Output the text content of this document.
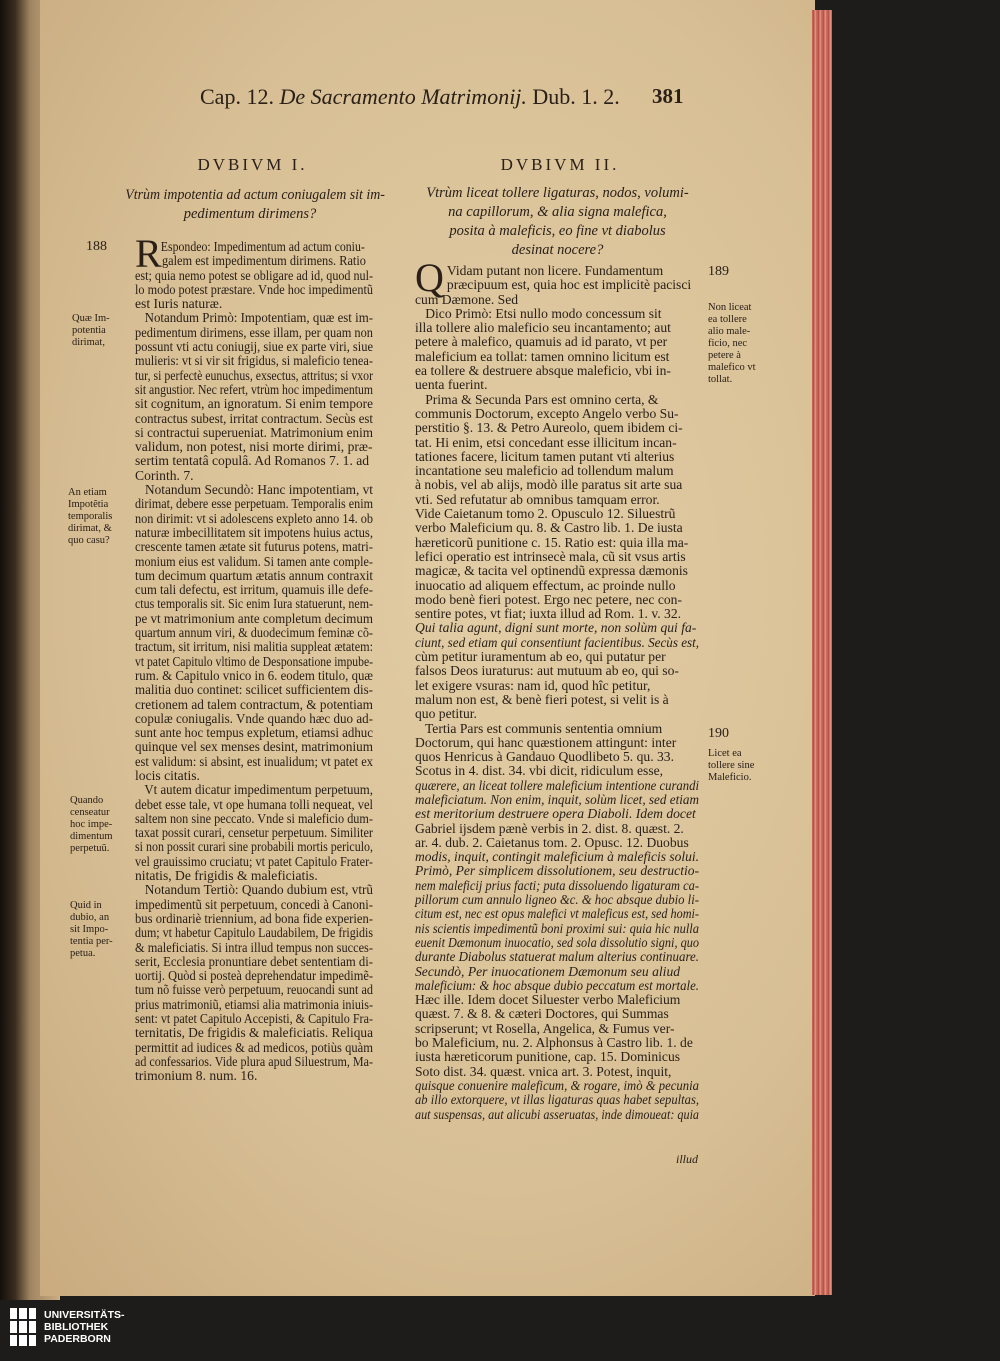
Cap. 12. De Sacramento Matrimonij. Dub. 1. 2. 381
DVBIVM I.
Vtrùm impotentia ad actum coniugalem sit im-
pedimentum dirimens?
R Espondeo: Impedimentum ad actum coniu-
galem est impedimentum dirimens. Ratio
est; quia nemo potest se obligare ad id, quod nul-
lo modo potest præstare. Vnde hoc impedimentũ
est Iuris naturæ.
Notandum Primò: Impotentiam, quæ est im-
pedimentum dirimens, esse illam, per quam non
possunt vti actu coniugij, siue ex parte viri, siue
mulieris: vt si vir sit frigidus, si maleficio tenea-
tur, si perfectè eunuchus, exsectus, attritus; si vxor
sit angustior. Nec refert, vtrùm hoc impedimentum
sit cognitum, an ignoratum. Si enim tempore
contractus subest, irritat contractum. Secùs est
si contractui superueniat. Matrimonium enim
validum, non potest, nisi morte dirimi, præ-
sertim tentatâ copulâ. Ad Romanos 7. 1. ad
Corinth. 7.
Notandum Secundò: Hanc impotentiam, vt
dirimat, debere esse perpetuam. Temporalis enim
non dirimit: vt si adolescens expleto anno 14. ob
naturæ imbecillitatem sit impotens huius actus,
crescente tamen ætate sit futurus potens, matri-
monium eius est validum. Si tamen ante comple-
tum decimum quartum ætatis annum contraxit
cum tali defectu, est irritum, quamuis ille defe-
ctus temporalis sit. Sic enim Iura statuerunt, nem-
pe vt matrimonium ante completum decimum
quartum annum viri, & duodecimum feminæ cõ-
tractum, sit irritum, nisi malitia suppleat ætatem:
vt patet Capitulo vltimo de Desponsatione impube-
rum. & Capitulo vnico in 6. eodem titulo, quæ
malitia duo continet: scilicet sufficientem dis-
cretionem ad talem contractum, & potentiam
copulæ coniugalis. Vnde quando hæc duo ad-
sunt ante hoc tempus expletum, etiamsi adhuc
quinque vel sex menses desint, matrimonium
est validum: si absint, est inualidum; vt patet ex
locis citatis.
Vt autem dicatur impedimentum perpetuum,
debet esse tale, vt ope humana tolli nequeat, vel
saltem non sine peccato. Vnde si maleficio dum-
taxat possit curari, censetur perpetuum. Similiter
si non possit curari sine probabili mortis periculo,
vel grauissimo cruciatu; vt patet Capitulo Frater-
nitatis, De frigidis & maleficiatis.
Notandum Tertiò: Quando dubium est, vtrũ
impedimentũ sit perpetuum, concedi à Canoni-
bus ordinariè triennium, ad bona fide experien-
dum; vt habetur Capitulo Laudabilem, De frigidis
& maleficiatis. Si intra illud tempus non succes-
serit, Ecclesia pronuntiare debet sententiam di-
uortij. Quòd si posteà deprehendatur impedimẽ-
tum nõ fuisse verò perpetuum, reuocandi sunt ad
prius matrimoniũ, etiamsi alia matrimonia iniuis-
sent: vt patet Capitulo Accepisti, & Capitulo Fra-
ternitatis, De frigidis & maleficiatis. Reliqua
permittit ad iudices & ad medicos, potiùs quàm
ad confessarios. Vide plura apud Siluestrum, Ma-
trimonium 8. num. 16.
DVBIVM II.
Vtrùm liceat tollere ligaturas, nodos, volumi-
na capillorum, & alia signa malefica,
posita à maleficis, eo fine vt diabolus
desinat nocere?
Q Vidam putant non licere. Fundamentum
præcipuum est, quia hoc est implicitè pacisci
cum Dæmone. Sed
Dico Primò: Etsi nullo modo concessum sit
illa tollere alio maleficio seu incantamento; aut
petere à malefico, quamuis ad id parato, vt per
maleficium ea tollat: tamen omnino licitum est
ea tollere & destruere absque maleficio, vbi in-
uenta fuerint.
Prima & Secunda Pars est omnino certa, &
communis Doctorum, excepto Angelo verbo Su-
perstitio §. 13. & Petro Aureolo, quem ibidem ci-
tat. Hi enim, etsi concedant esse illicitum incan-
tationes facere, licitum tamen putant vti alterius
incantatione seu maleficio ad tollendum malum
à nobis, vel ab alijs, modò ille paratus sit arte sua
vti. Sed refutatur ab omnibus tamquam error.
Vide Caietanum tomo 2. Opusculo 12. Siluestrũ
verbo Maleficium qu. 8. & Castro lib. 1. De iusta
hæreticorũ punitione c. 15. Ratio est: quia illa ma-
lefici operatio est intrinsecè mala, cũ sit vsus artis
magicæ, & tacita vel optinendũ expressa dæmonis
inuocatio ad aliquem effectum, ac proinde nullo
modo benè fieri potest. Ergo nec petere, nec con-
sentire potes, vt fiat; iuxta illud ad Rom. 1. v. 32.
Qui talia agunt, digni sunt morte, non solùm qui fa-
ciunt, sed etiam qui consentiunt facientibus. Secùs est,
cùm petitur iuramentum ab eo, qui putatur per
falsos Deos iuraturus: aut mutuum ab eo, qui so-
let exigere vsuras: nam id, quod hîc petitur,
malum non est, & benè fieri potest, si velit is à
quo petitur.
Tertia Pars est communis sententia omnium
Doctorum, qui hanc quæstionem attingunt: inter
quos Henricus à Gandauo Quodlibeto 5. qu. 33.
Scotus in 4. dist. 34. vbi dicit, ridiculum esse,
quærere, an liceat tollere maleficium intentione curandi
maleficiatum. Non enim, inquit, solùm licet, sed etiam
est meritorium destruere opera Diaboli. Idem docet
Gabriel ijsdem pænè verbis in 2. dist. 8. quæst. 2.
ar. 4. dub. 2. Caietanus tom. 2. Opusc. 12. Duobus
modis, inquit, contingit maleficium à maleficis solui.
Primò, Per simplicem dissolutionem, seu destructio-
nem maleficij prius facti; puta dissoluendo ligaturam ca-
pillorum cum annulo ligneo &c. & hoc absque dubio li-
citum est, nec est opus malefici vt maleficus est, sed homi-
nis scientis impedimentũ boni proximi sui: quia hic nulla
euenit Dæmonum inuocatio, sed sola dissolutio signi, quo
durante Diabolus statuerat malum alterius continuare.
Secundò, Per inuocationem Dæmonum seu aliud
maleficium: & hoc absque dubio peccatum est mortale.
Hæc ille. Idem docet Siluester verbo Maleficium
quæst. 7. & 8. & cæteri Doctores, qui Summas
scripserunt; vt Rosella, Angelica, & Fumus ver-
bo Maleficium, nu. 2. Alphonsus à Castro lib. 1. de
iusta hæreticorum punitione, cap. 15. Dominicus
Soto dist. 34. quæst. vnica art. 3. Potest, inquit,
quisque conuenire maleficum, & rogare, imò & pecunia
ab illo extorquere, vt illas ligaturas quas habet sepultas,
aut suspensas, aut alicubi asseruatas, inde dimoueat: quia
illud
188
Quæ Im-
potentia
dirimat,
An etiam
Impotẽtia
temporalis
dirimat, &
quo casu?
Quando
censeatur
hoc impe-
dimentum
perpetuũ.
Quid in
dubio, an
sit Impo-
tentia per-
petua.
189
Non liceat
ea tollere
alio male-
ficio, nec
petere à
malefico vt
tollat.
190
Licet ea
tollere sine
Maleficio.
UNIVERSITÄTS-
BIBLIOTHEK
PADERBORN
